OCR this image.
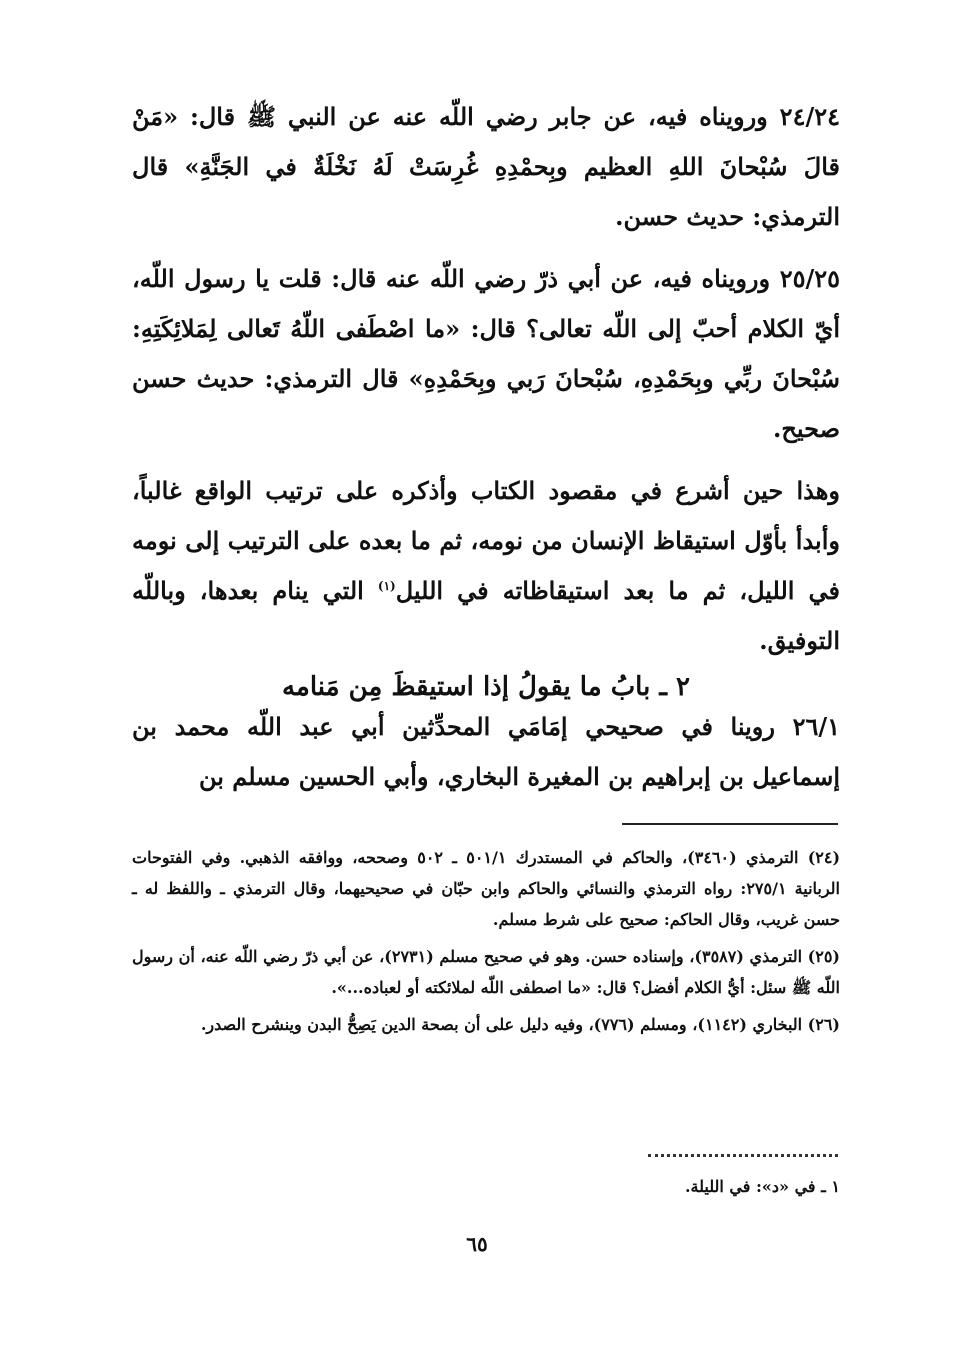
٢٤/٢٤ ورويناه فيه، عن جابر رضي اللّه عنه عن النبي ﷺ قال: «مَنْ قالَ سُبْحانَ اللهِ العظيم وبِحمْدِهِ غُرِسَتْ لَهُ نَخْلَةٌ في الجَنَّةِ» قال الترمذي: حديث حسن.

٢٥/٢٥ ورويناه فيه، عن أبي ذرّ رضي اللّه عنه قال: قلت يا رسول اللّه، أيّ الكلام أحبّ إلى اللّه تعالى؟ قال: «ما اصْطَفى اللّهُ تَعالى لِمَلائِكَتِهِ: سُبْحانَ ربِّي وبِحَمْدِهِ، سُبْحانَ رَبي وبِحَمْدِهِ» قال الترمذي: حديث حسن صحيح.

وهذا حين أشرع في مقصود الكتاب وأذكره على ترتيب الواقع غالباً، وأبدأ بأوّل استيقاظ الإنسان من نومه، ثم ما بعده على الترتيب إلى نومه في الليل، ثم ما بعد استيقاظاته في الليل$^{(١)}$ التي ينام بعدها، وباللّه التوفيق.

٢ ـ بابُ ما يقولُ إذا استيقظَ مِن مَنامه

٢٦/١ روينا في صحيحي إمَامَي المحدِّثين أبي عبد اللّه محمد بن إسماعيل بن إبراهيم بن المغيرة البخاري، وأبي الحسين مسلم بن

(٢٤) الترمذي (٣٤٦٠)، والحاكم في المستدرك ٥٠١/١ ـ ٥٠٢ وصححه، ووافقه الذهبي. وفي الفتوحات الربانية ٢٧٥/١: رواه الترمذي والنسائي والحاكم وابن حبّان في صحيحيهما، وقال الترمذي ـ واللفظ له ـ حسن غريب، وقال الحاكم: صحيح على شرط مسلم.

(٢٥) الترمذي (٣٥٨٧)، وإسناده حسن. وهو في صحيح مسلم (٢٧٣١)، عن أبي ذرّ رضي اللّه عنه، أن رسول اللّه ﷺ سئل: أيُّ الكلام أفضل؟ قال: «ما اصطفى اللّه لملائكته أو لعباده...».

(٢٦) البخاري (١١٤٢)، ومسلم (٧٧٦)، وفيه دليل على أن بصحة الدين يَصِحُّ البدن وينشرح الصدر.

١ ـ في «د»: في الليلة.
٦٥
